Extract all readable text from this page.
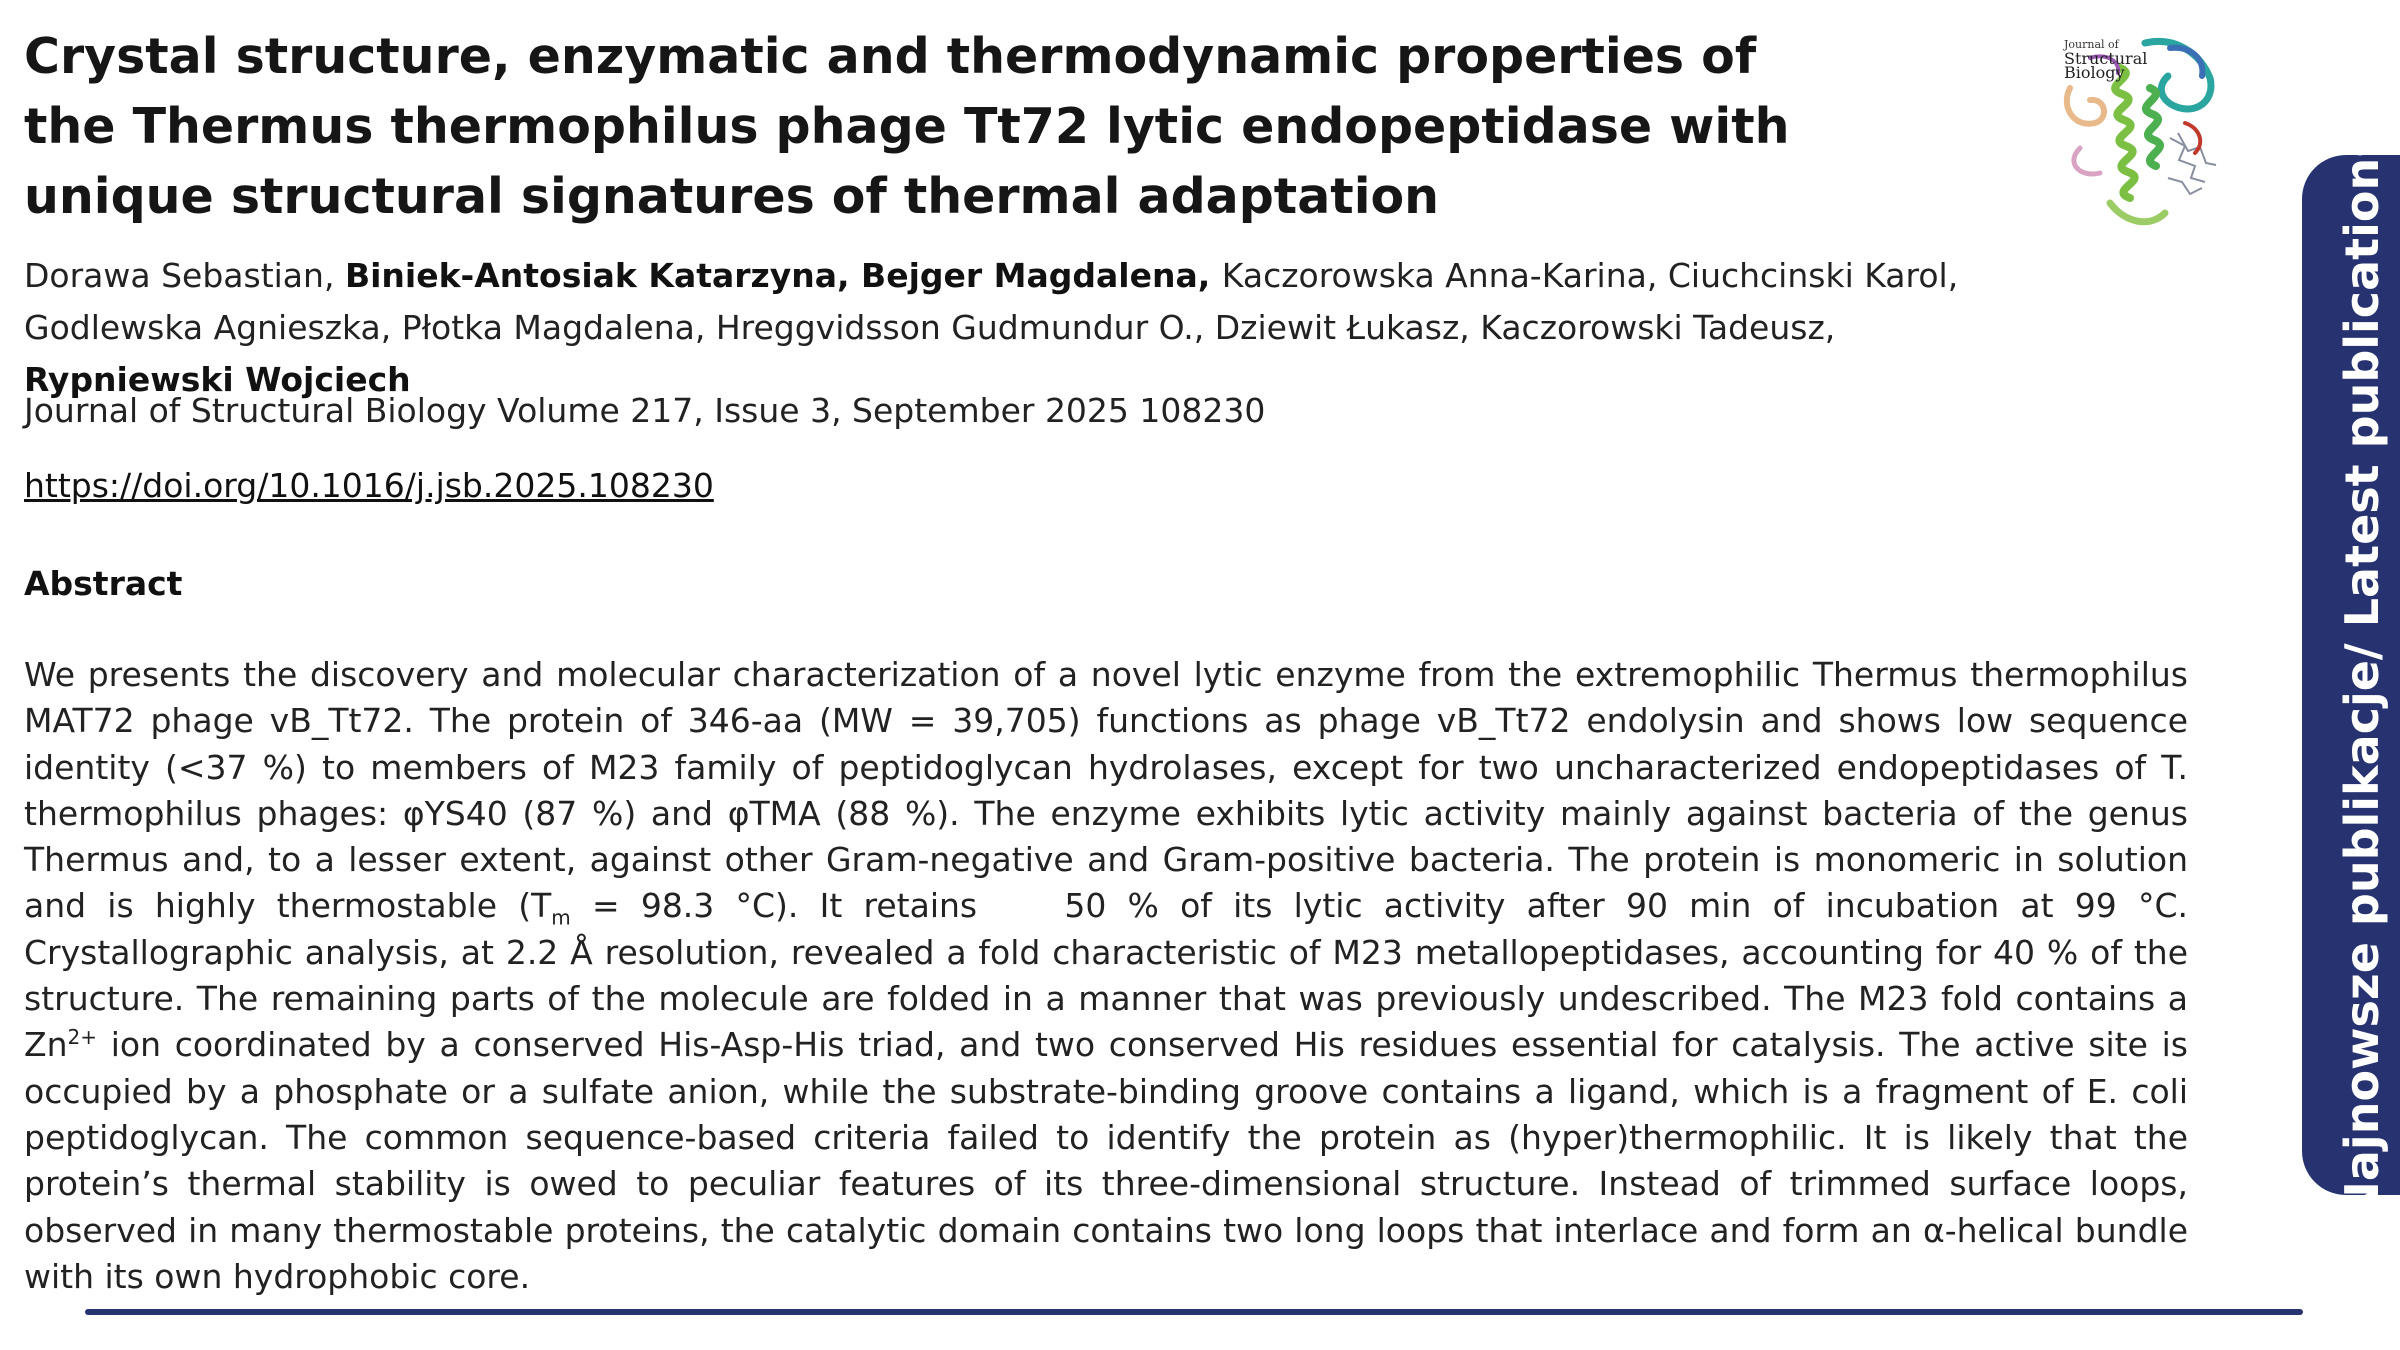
Crystal structure, enzymatic and thermodynamic properties of the Thermus thermophilus phage Tt72 lytic endopeptidase with unique structural signatures of thermal adaptation

Dorawa Sebastian, Biniek-Antosiak Katarzyna, Bejger Magdalena, Kaczorowska Anna-Karina, Ciuchcinski Karol, Godlewska Agnieszka, Płotka Magdalena, Hreggvidsson Gudmundur O., Dziewit Łukasz, Kaczorowski Tadeusz, Rypniewski Wojciech

Journal of Structural Biology Volume 217, Issue 3, September 2025 108230

https://doi.org/10.1016/j.jsb.2025.108230
Abstract

We presents the discovery and molecular characterization of a novel lytic enzyme from the extremophilic Thermus thermophilus MAT72 phage vB_Tt72. The protein of 346-aa (MW = 39,705) functions as phage vB_Tt72 endolysin and shows low sequence identity (<37 %) to members of M23 family of peptidoglycan hydrolases, except for two uncharacterized endopeptidases of T. thermophilus phages: φYS40 (87 %) and φTMA (88 %). The enzyme exhibits lytic activity mainly against bacteria of the genus Thermus and, to a lesser extent, against other Gram-negative and Gram-positive bacteria. The protein is monomeric in solution and is highly thermostable ($T_m = 98.3$ °C). It retains   50 % of its lytic activity after 90 min of incubation at 99 °C. Crystallographic analysis, at 2.2 Å resolution, revealed a fold characteristic of M23 metallopeptidases, accounting for 40 % of the structure. The remaining parts of the molecule are folded in a manner that was previously undescribed. The M23 fold contains a $Zn^{2+}$ ion coordinated by a conserved His-Asp-His triad, and two conserved His residues essential for catalysis. The active site is occupied by a phosphate or a sulfate anion, while the substrate-binding groove contains a ligand, which is a fragment of E. coli peptidoglycan. The common sequence-based criteria failed to identify the protein as (hyper)thermophilic. It is likely that the protein’s thermal stability is owed to peculiar features of its three-dimensional structure. Instead of trimmed surface loops, observed in many thermostable proteins, the catalytic domain contains two long loops that interlace and form an α-helical bundle with its own hydrophobic core.

Journal of
Structural
Biology
Najnowsze publikacje/ Latest publications
